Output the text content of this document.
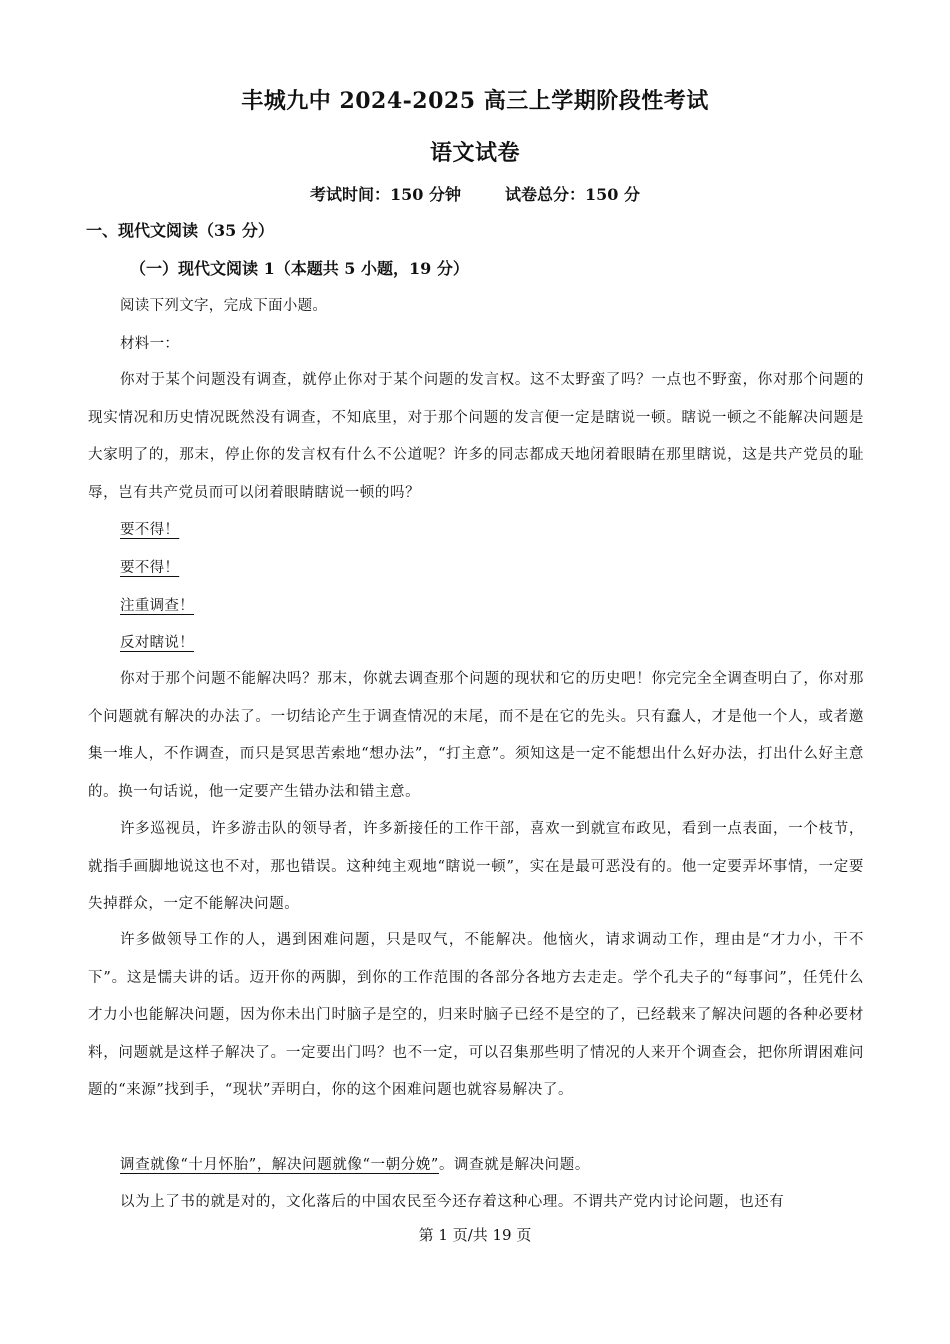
丰城九中 2024-2025 高三上学期阶段性考试
语文试卷
考试时间：150 分钟	试卷总分：150 分
一、现代文阅读（35 分）
（一）现代文阅读 1（本题共 5 小题，19 分）
阅读下列文字，完成下面小题。
材料一：
你对于某个问题没有调查，就停止你对于某个问题的发言权。这不太野蛮了吗？一点也不野蛮，你对那个问题的现实情况和历史情况既然没有调查，不知底里，对于那个问题的发言便一定是瞎说一顿。瞎说一顿之不能解决问题是大家明了的，那末，停止你的发言权有什么不公道呢？许多的同志都成天地闭着眼睛在那里瞎说，这是共产党员的耻辱，岂有共产党员而可以闭着眼睛瞎说一顿的吗？
要不得！
要不得！
注重调查！
反对瞎说！
你对于那个问题不能解决吗？那末，你就去调查那个问题的现状和它的历史吧！你完完全全调查明白了，你对那个问题就有解决的办法了。一切结论产生于调查情况的末尾，而不是在它的先头。只有蠢人，才是他一个人，或者邀集一堆人，不作调查，而只是冥思苦索地“想办法”，“打主意”。须知这是一定不能想出什么好办法，打出什么好主意的。换一句话说，他一定要产生错办法和错主意。
许多巡视员，许多游击队的领导者，许多新接任的工作干部，喜欢一到就宣布政见，看到一点表面，一个枝节，就指手画脚地说这也不对，那也错误。这种纯主观地“瞎说一顿”，实在是最可恶没有的。他一定要弄坏事情，一定要失掉群众，一定不能解决问题。
许多做领导工作的人，遇到困难问题，只是叹气，不能解决。他恼火，请求调动工作，理由是“才力小，干不下”。这是懦夫讲的话。迈开你的两脚，到你的工作范围的各部分各地方去走走。学个孔夫子的“每事问”，任凭什么才力小也能解决问题，因为你未出门时脑子是空的，归来时脑子已经不是空的了，已经载来了解决问题的各种必要材料，问题就是这样子解决了。一定要出门吗？也不一定，可以召集那些明了情况的人来开个调查会，把你所谓困难问题的“来源”找到手，“现状”弄明白，你的这个困难问题也就容易解决了。
调查就像“十月怀胎”，解决问题就像“一朝分娩”。调查就是解决问题。
以为上了书的就是对的，文化落后的中国农民至今还存着这种心理。不谓共产党内讨论问题，也还有
第 1 页/共 19 页
